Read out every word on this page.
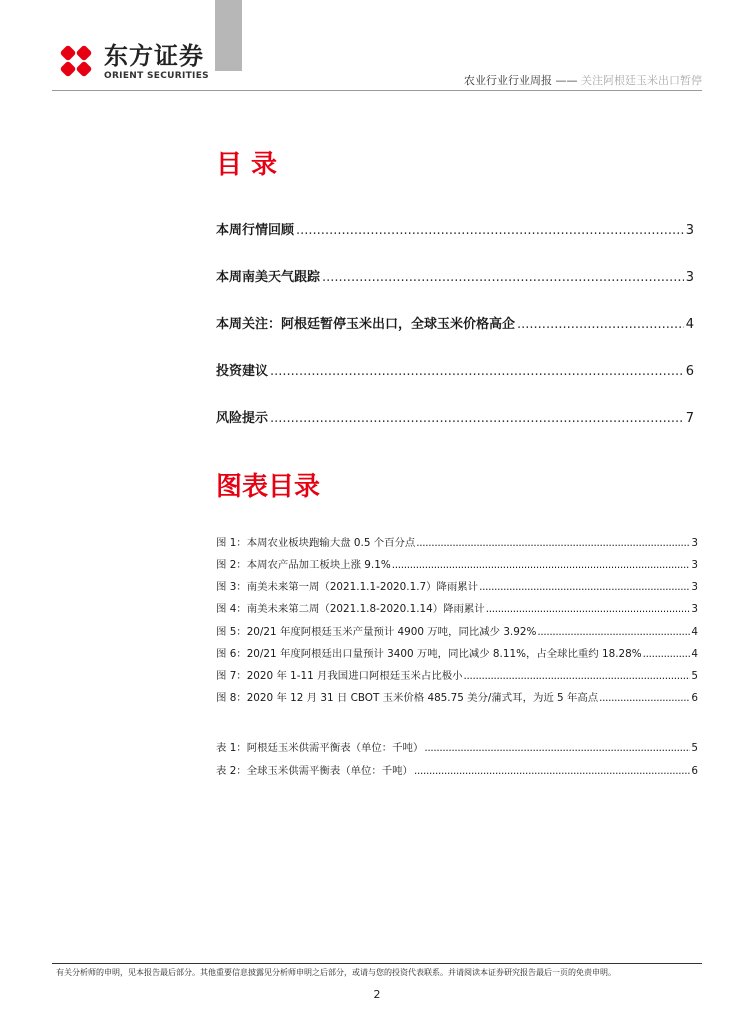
东方证券
ORIENT SECURITIES	农业行业行业周报 —— 关注阿根廷玉米出口暂停
目 录
本周行情回顾 .....	3
本周南美天气跟踪 .....	3
本周关注：阿根廷暂停玉米出口，全球玉米价格高企 .....	4
投资建议 .....	6
风险提示 .....	7
图表目录
图 1：本周农业板块跑输大盘 0.5 个百分点 .....	3
图 2：本周农产品加工板块上涨 9.1% .....	3
图 3：南美未来第一周（2021.1.1-2020.1.7）降雨累计 .....	3
图 4：南美未来第二周（2021.1.8-2020.1.14）降雨累计 .....	3
图 5：20/21 年度阿根廷玉米产量预计 4900 万吨，同比减少 3.92% .....	4
图 6：20/21 年度阿根廷出口量预计 3400 万吨，同比减少 8.11%，占全球比重约 18.28% .....	4
图 7：2020 年 1-11 月我国进口阿根廷玉米占比极小 .....	5
图 8：2020 年 12 月 31 日 CBOT 玉米价格 485.75 美分/蒲式耳，为近 5 年高点 .....	6
表 1：阿根廷玉米供需平衡表（单位：千吨） .....	5
表 2：全球玉米供需平衡表（单位：千吨） .....	6
有关分析师的申明，见本报告最后部分。其他重要信息披露见分析师申明之后部分，或请与您的投资代表联系。并请阅读本证券研究报告最后一页的免责申明。
2
